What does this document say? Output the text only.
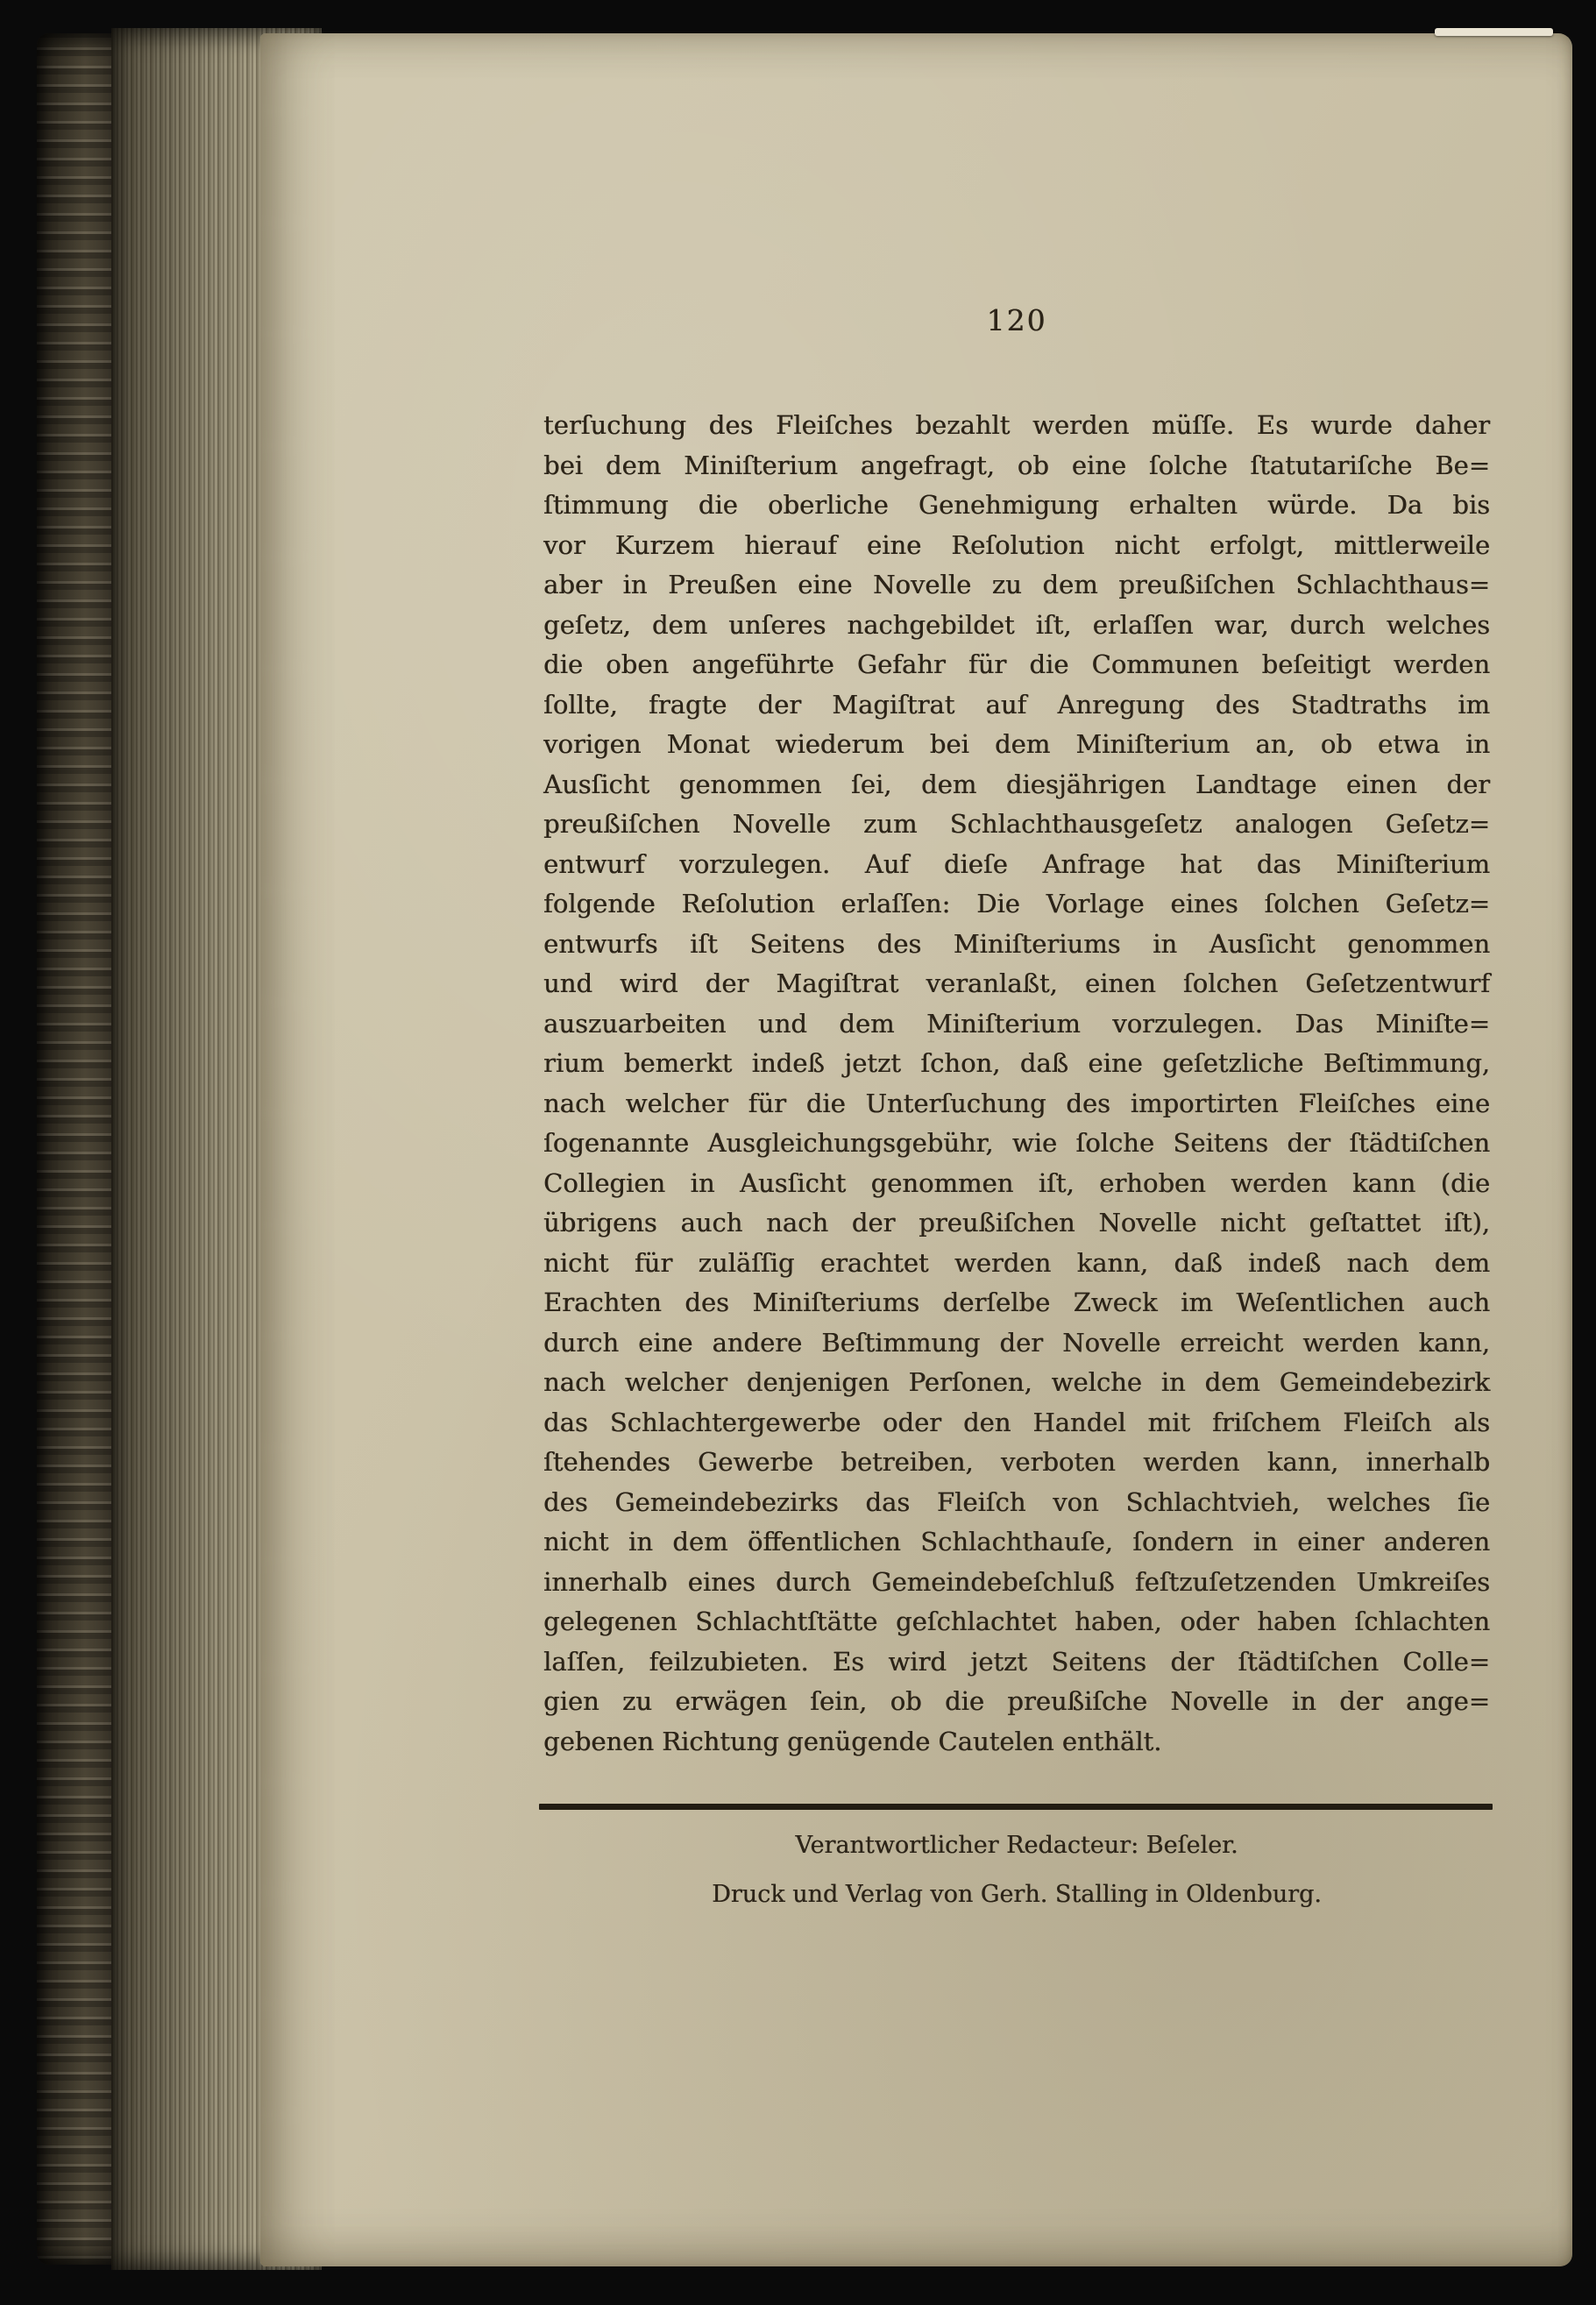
120
terſuchung des Fleiſches bezahlt werden müſſe. Es wurde daher
bei dem Miniſterium angefragt, ob eine ſolche ſtatutariſche Be=
ſtimmung die oberliche Genehmigung erhalten würde. Da bis
vor Kurzem hierauf eine Reſolution nicht erfolgt, mittlerweile
aber in Preußen eine Novelle zu dem preußiſchen Schlachthaus=
geſetz, dem unſeres nachgebildet iſt, erlaſſen war, durch welches
die oben angeführte Gefahr für die Communen beſeitigt werden
ſollte, fragte der Magiſtrat auf Anregung des Stadtraths im
vorigen Monat wiederum bei dem Miniſterium an, ob etwa in
Ausſicht genommen ſei, dem diesjährigen Landtage einen der
preußiſchen Novelle zum Schlachthausgeſetz analogen Geſetz=
entwurf vorzulegen. Auf dieſe Anfrage hat das Miniſterium
folgende Reſolution erlaſſen: Die Vorlage eines ſolchen Geſetz=
entwurfs iſt Seitens des Miniſteriums in Ausſicht genommen
und wird der Magiſtrat veranlaßt, einen ſolchen Geſetzentwurf
auszuarbeiten und dem Miniſterium vorzulegen. Das Miniſte=
rium bemerkt indeß jetzt ſchon, daß eine geſetzliche Beſtimmung,
nach welcher für die Unterſuchung des importirten Fleiſches eine
ſogenannte Ausgleichungsgebühr, wie ſolche Seitens der ſtädtiſchen
Collegien in Ausſicht genommen iſt, erhoben werden kann (die
übrigens auch nach der preußiſchen Novelle nicht geſtattet iſt),
nicht für zuläſſig erachtet werden kann, daß indeß nach dem
Erachten des Miniſteriums derſelbe Zweck im Weſentlichen auch
durch eine andere Beſtimmung der Novelle erreicht werden kann,
nach welcher denjenigen Perſonen, welche in dem Gemeindebezirk
das Schlachtergewerbe oder den Handel mit friſchem Fleiſch als
ſtehendes Gewerbe betreiben, verboten werden kann, innerhalb
des Gemeindebezirks das Fleiſch von Schlachtvieh, welches ſie
nicht in dem öffentlichen Schlachthauſe, ſondern in einer anderen
innerhalb eines durch Gemeindebeſchluß feſtzuſetzenden Umkreiſes
gelegenen Schlachtſtätte geſchlachtet haben, oder haben ſchlachten
laſſen, feilzubieten. Es wird jetzt Seitens der ſtädtiſchen Colle=
gien zu erwägen ſein, ob die preußiſche Novelle in der ange=
gebenen Richtung genügende Cautelen enthält.
Verantwortlicher Redacteur: Beſeler.
Druck und Verlag von Gerh. Stalling in Oldenburg.
